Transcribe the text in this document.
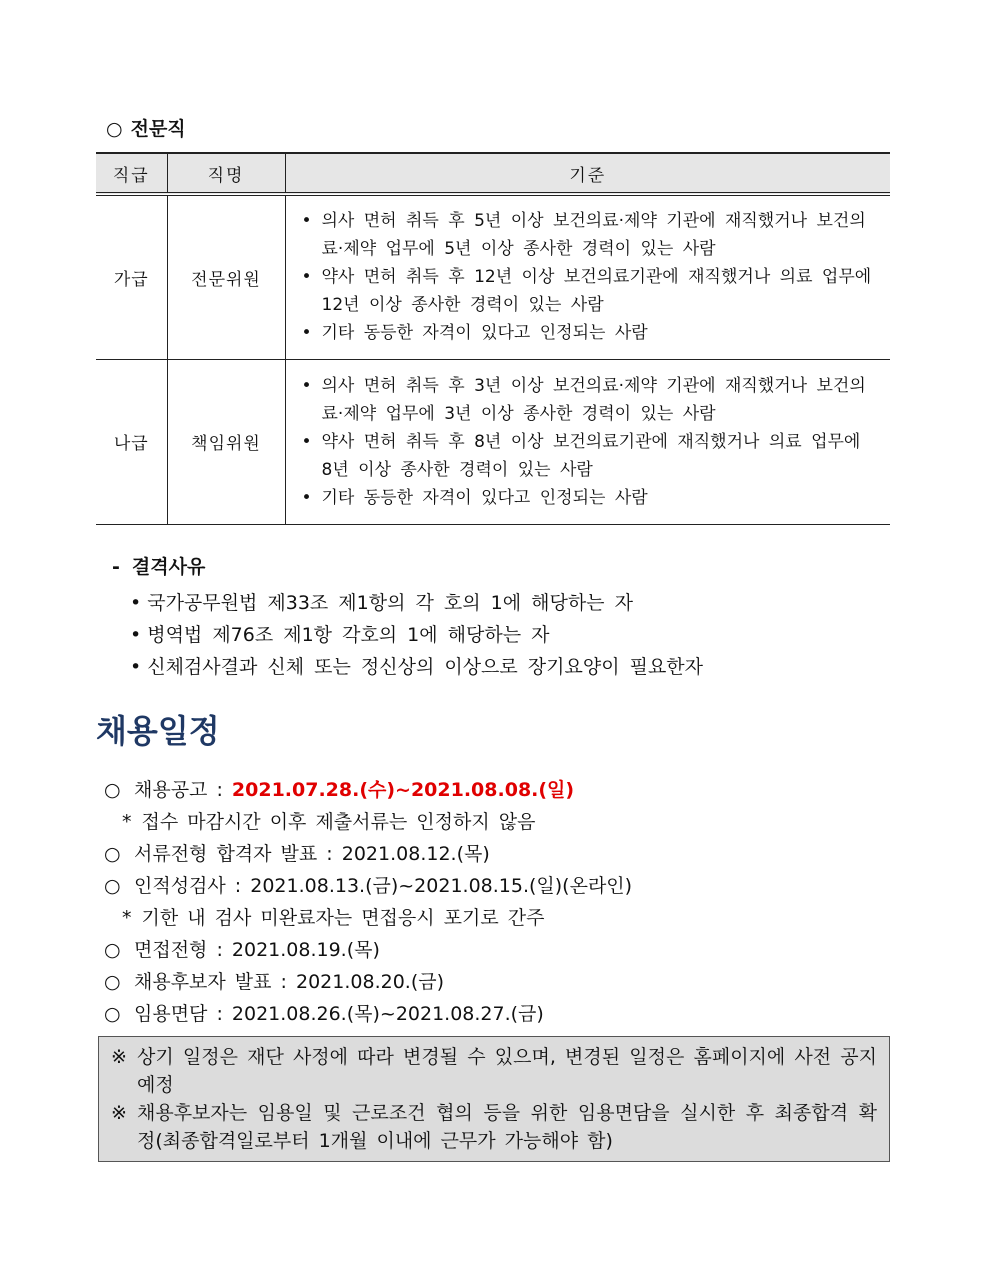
○ 전문직
직급	직명	기준
가급	전문위원	• 의사 면허 취득 후 5년 이상 보건의료·제약 기관에 재직했거나 보건의료·제약 업무에 5년 이상 종사한 경력이 있는 사람
• 약사 면허 취득 후 12년 이상 보건의료기관에 재직했거나 의료 업무에 12년 이상 종사한 경력이 있는 사람
• 기타 동등한 자격이 있다고 인정되는 사람

나급	책임위원	• 의사 면허 취득 후 3년 이상 보건의료·제약 기관에 재직했거나 보건의료·제약 업무에 3년 이상 종사한 경력이 있는 사람
• 약사 면허 취득 후 8년 이상 보건의료기관에 재직했거나 의료 업무에 8년 이상 종사한 경력이 있는 사람
• 기타 동등한 자격이 있다고 인정되는 사람
- 결격사유
• 국가공무원법 제33조 제1항의 각 호의 1에 해당하는 자
• 병역법 제76조 제1항 각호의 1에 해당하는 자
• 신체검사결과 신체 또는 정신상의 이상으로 장기요양이 필요한자
채용일정
○ 채용공고 : 2021.07.28.(수)~2021.08.08.(일)
* 접수 마감시간 이후 제출서류는 인정하지 않음
○ 서류전형 합격자 발표 : 2021.08.12.(목)
○ 인적성검사 : 2021.08.13.(금)~2021.08.15.(일)(온라인)
* 기한 내 검사 미완료자는 면접응시 포기로 간주
○ 면접전형 : 2021.08.19.(목)
○ 채용후보자 발표 : 2021.08.20.(금)
○ 임용면담 : 2021.08.26.(목)~2021.08.27.(금)
※ 상기 일정은 재단 사정에 따라 변경될 수 있으며, 변경된 일정은 홈페이지에 사전 공지 예정
※ 채용후보자는 임용일 및 근로조건 협의 등을 위한 임용면담을 실시한 후 최종합격 확정(최종합격일로부터 1개월 이내에 근무가 가능해야 함)
